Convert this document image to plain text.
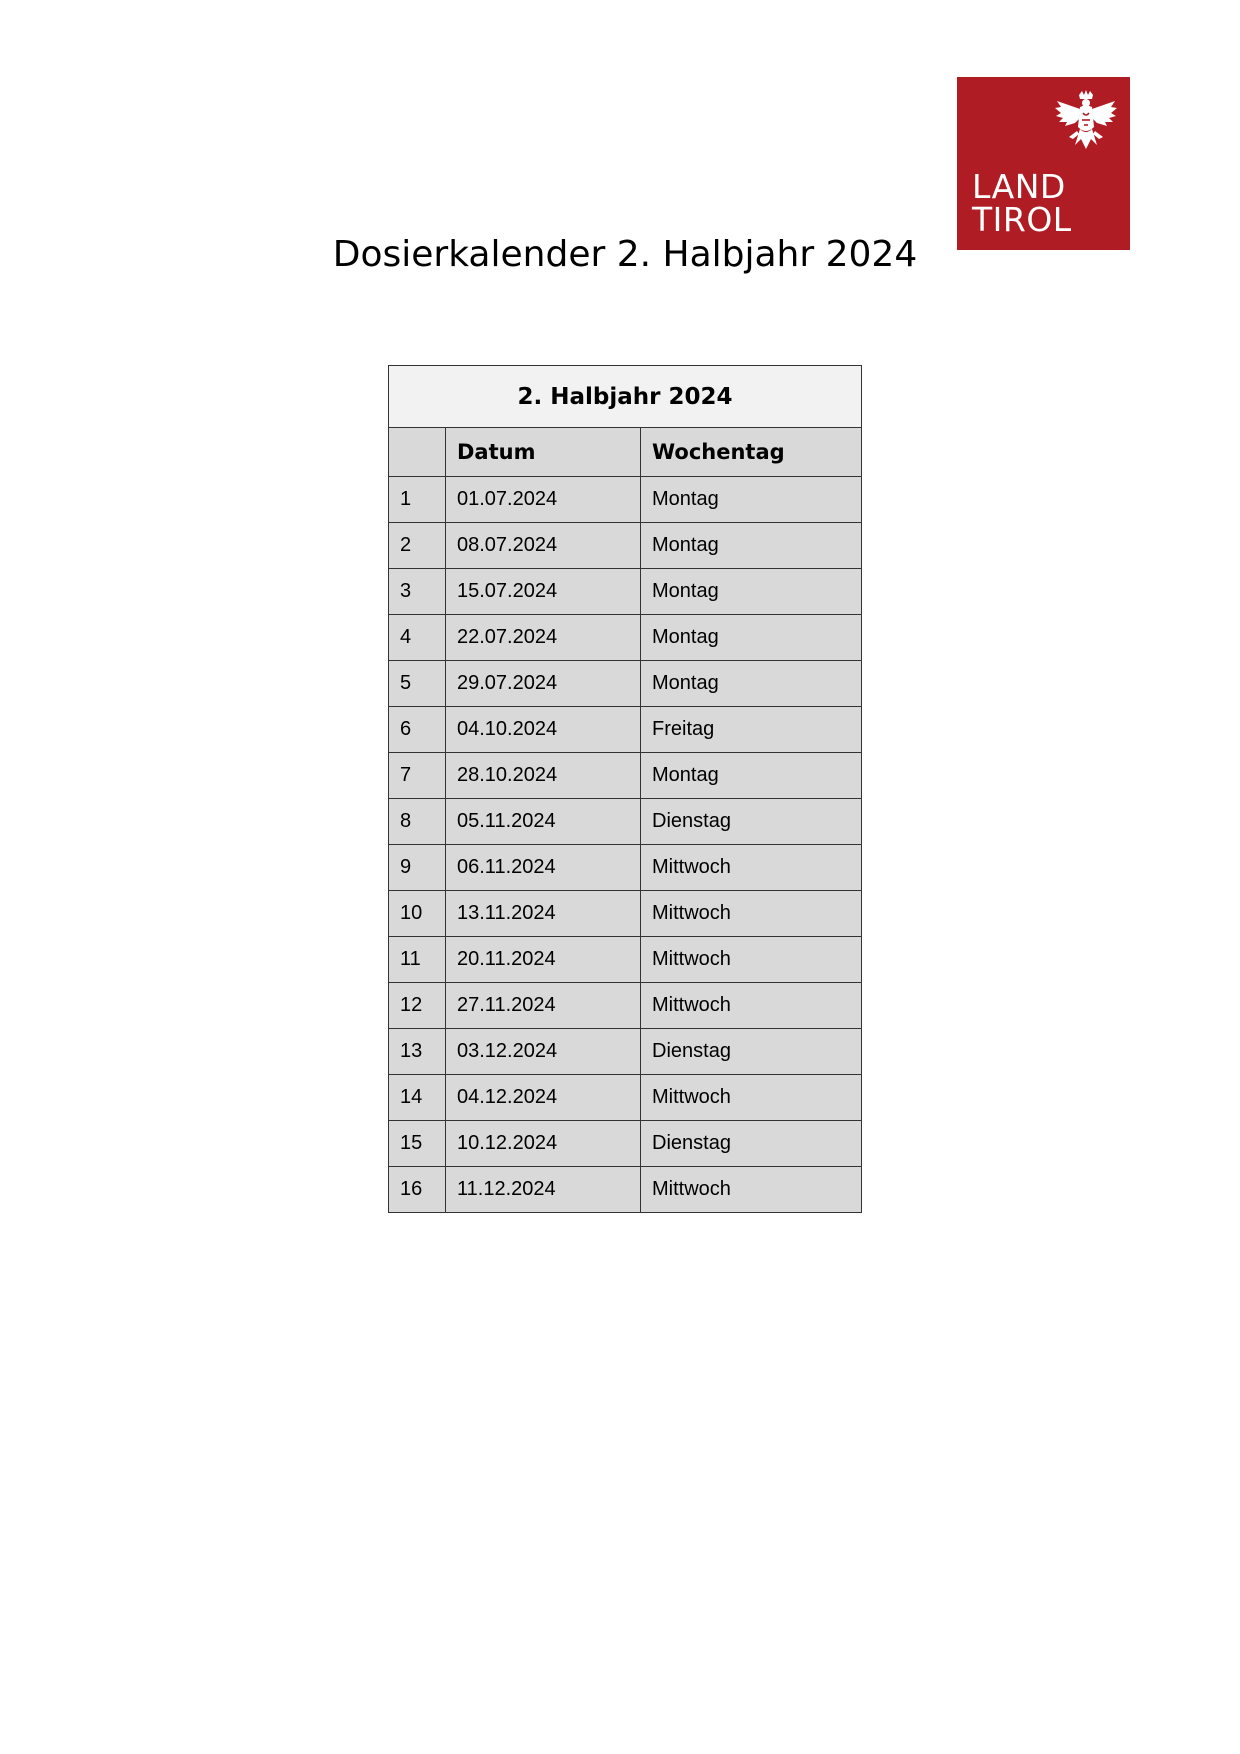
LAND
TIROL
Dosierkalender 2. Halbjahr 2024
2. Halbjahr 2024		
	Datum	Wochentag
1	01.07.2024	Montag
2	08.07.2024	Montag
3	15.07.2024	Montag
4	22.07.2024	Montag
5	29.07.2024	Montag
6	04.10.2024	Freitag
7	28.10.2024	Montag
8	05.11.2024	Dienstag
9	06.11.2024	Mittwoch
10	13.11.2024	Mittwoch
11	20.11.2024	Mittwoch
12	27.11.2024	Mittwoch
13	03.12.2024	Dienstag
14	04.12.2024	Mittwoch
15	10.12.2024	Dienstag
16	11.12.2024	Mittwoch
